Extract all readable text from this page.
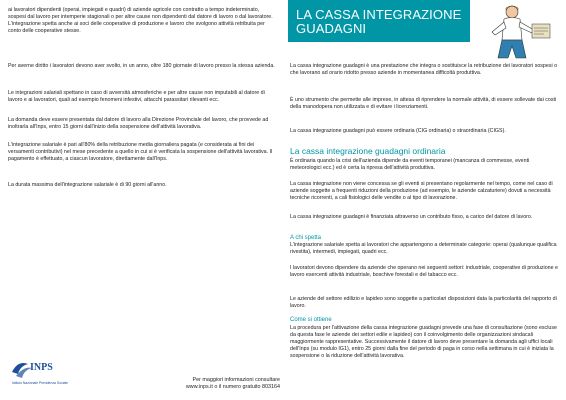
ai lavoratori dipendenti (operai, impiegati e quadri) di aziende agricole con contratto a tempo indeterminato, sospesi dal lavoro per intemperie stagionali o per altre cause non dipendenti dal datore di lavoro o dal lavoratore. L'integrazione spetta anche ai soci delle cooperative di produzione e lavoro che svolgono attività retribuita per conto delle cooperative stesse.

Per averne diritto i lavoratori devono aver svolto, in un anno, oltre 180 giornate di lavoro presso la stessa azienda.

Le integrazioni salariali spettano in caso di avversità atmosferiche e per altre cause non imputabili al datore di lavoro e ai lavoratori, quali ad esempio fenomeni infestivi, attacchi parassitari rilevanti ecc.

La domanda deve essere presentata dal datore di lavoro alla Direzione Provinciale del lavoro, che provvede ad inoltrarla all'Inps, entro 15 giorni dall'inizio della sospensione dell'attività lavorativa.

L'integrazione salariale è pari all'80% della retribuzione media giornaliera pagata (e considerata ai fini dei versamenti contributivi) nel mese precedente a quello in cui si è verificata la sospensione dell'attività lavorativa. Il pagamento è effettuato, a ciascun lavoratore, direttamente dall'Inps.

La durata massima dell'integrazione salariale è di 90 giorni all'anno.

INPS
Istituto Nazionale Previdenza Sociale	Per maggiori informazioni consultare
www.inps.it o il numero gratuito 803164
LA CASSA INTEGRAZIONE GUADAGNI

La cassa integrazione guadagni è una prestazione che integra o sostituisce la retribuzione dei lavoratori sospesi o che lavorano ad orario ridotto presso aziende in momentanea difficoltà produttiva.

È uno strumento che permette alle imprese, in attesa di riprendere la normale attività, di essere sollevate dai costi della manodopera non utilizzata e di evitare i licenziamenti.

La cassa integrazione guadagni può essere ordinaria (CIG ordinaria) o straordinaria (CIGS).

La cassa integrazione guadagni ordinaria

È ordinaria quando la crisi dell'azienda dipende da eventi temporanei (mancanza di commesse, eventi meteorologici ecc.) ed è certa la ripresa dell'attività produttiva.

La cassa integrazione non viene concessa se gli eventi si presentano regolarmente nel tempo, come nel caso di aziende soggette a frequenti riduzioni della produzione (ad esempio, le aziende calzaturiere) dovuti a necessità tecniche ricorrenti, a cali fisiologici delle vendite o al tipo di lavorazione.

La cassa integrazione guadagni è finanziata attraverso un contributo fisso, a carico del datore di lavoro.

A chi spetta

L'integrazione salariale spetta ai lavoratori che appartengono a determinate categorie: operai (qualunque qualifica rivestita), intermedi, impiegati, quadri ecc.

I lavoratori devono dipendere da aziende che operano nei seguenti settori: industriale, cooperative di produzione e lavoro esercenti attività industriale, boschive forestali e del tabacco ecc.

Le aziende del settore edilizio e lapideo sono soggette a particolari disposizioni data la particolarità del rapporto di lavoro.

Come si ottiene

La procedura per l'attivazione della cassa integrazione guadagni prevede una fase di consultazione (sono escluse da questa fase le aziende dei settori edile e lapideo) con il coinvolgimento delle organizzazioni sindacali maggiormente rappresentative. Successivamente il datore di lavoro deve presentare la domanda agli uffici locali dell'Inps (su modulo IG1), entro 25 giorni dalla fine del periodo di paga in corso nella settimana in cui è iniziata la sospensione o la riduzione dell'attività lavorativa.
